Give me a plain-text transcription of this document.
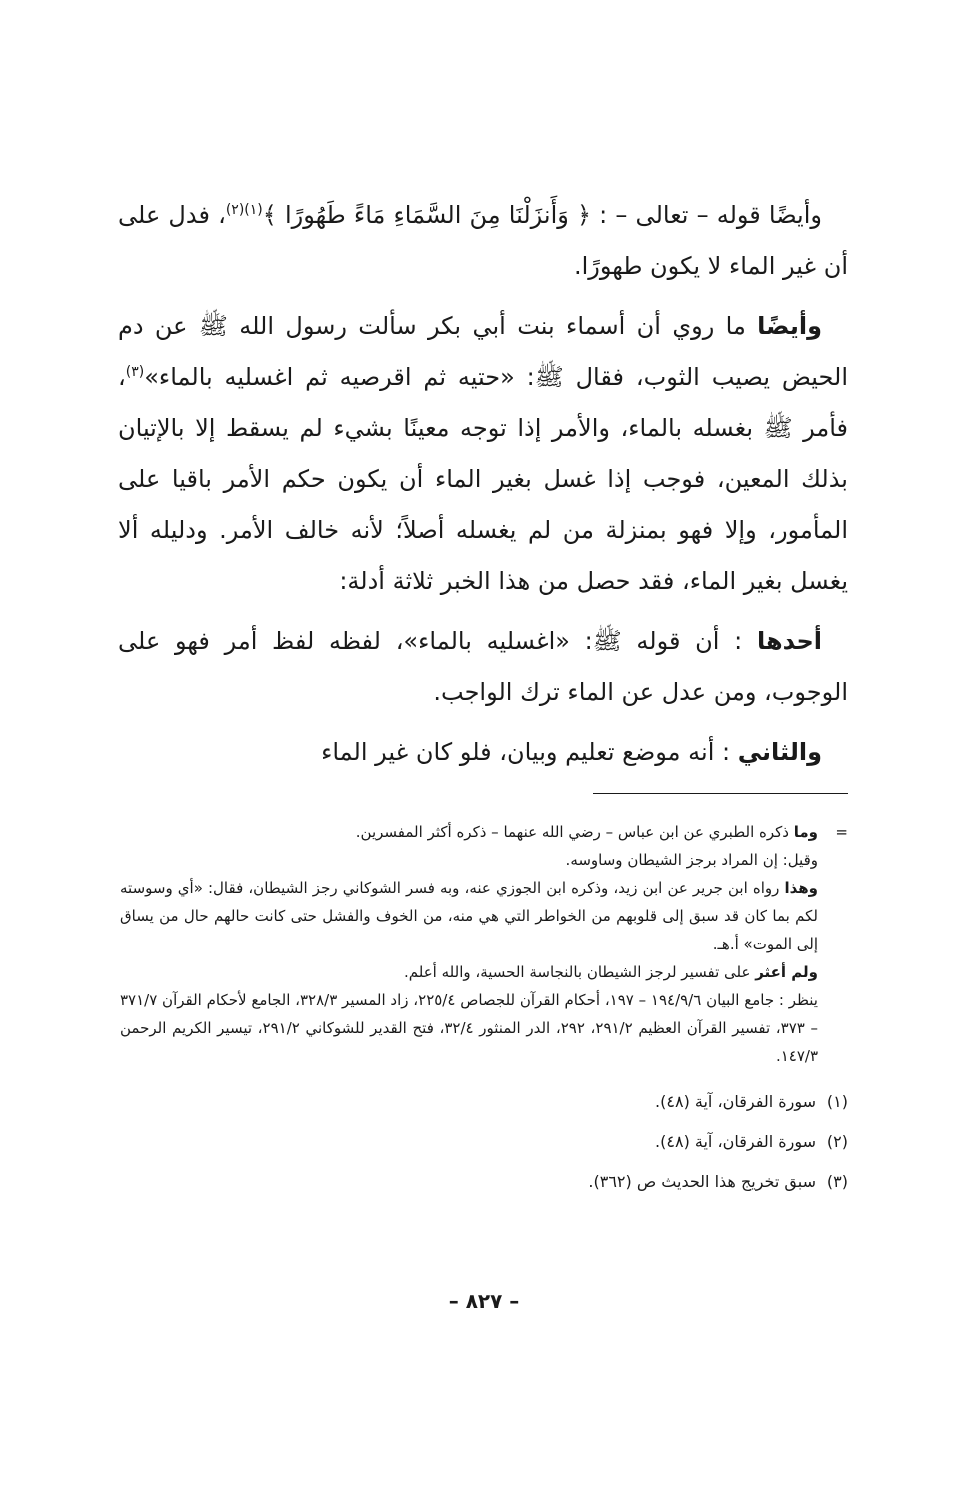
وأيضًا قوله – تعالى – : ﴿ وَأَنزَلْنَا مِنَ السَّمَاءِ مَاءً طَهُورًا ﴾$^{(١)(٢)}$، فدل على أن غير الماء لا يكون طهورًا.

وأيضًا ما روي أن أسماء بنت أبي بكر سألت رسول الله ﷺ عن دم الحيض يصيب الثوب، فقال ﷺ: «حتيه ثم اقرصيه ثم اغسليه بالماء»$^{(٣)}$، فأمر ﷺ بغسله بالماء، والأمر إذا توجه معينًا بشيء لم يسقط إلا بالإتيان بذلك المعين، فوجب إذا غسل بغير الماء أن يكون حكم الأمر باقيا على المأمور، وإلا فهو بمنزلة من لم يغسله أصلاً؛ لأنه خالف الأمر. ودليله ألا يغسل بغير الماء، فقد حصل من هذا الخبر ثلاثة أدلة:

أحدها : أن قوله ﷺ: «اغسليه بالماء»، لفظه لفظ أمر فهو على الوجوب، ومن عدل عن الماء ترك الواجب.

والثاني : أنه موضع تعليم وبيان، فلو كان غير الماء

=

وما ذكره الطبري عن ابن عباس – رضي الله عنهما – ذكره أكثر المفسرين.

وقيل: إن المراد برجز الشيطان وساوسه.

وهذا رواه ابن جرير عن ابن زيد، وذكره ابن الجوزي عنه، وبه فسر الشوكاني رجز الشيطان، فقال: «أي وسوسته لكم بما كان قد سبق إلى قلوبهم من الخواطر التي هي منه، من الخوف والفشل حتى كانت حالهم حال من يساق إلى الموت» أ.هـ.

ولم أعثر على تفسير لرجز الشيطان بالنجاسة الحسية، والله أعلم.

ينظر : جامع البيان ١٩٤/٩/٦ – ١٩٧، أحكام القرآن للجصاص ٢٢٥/٤، زاد المسير ٣٢٨/٣، الجامع لأحكام القرآن ٣٧١/٧ – ٣٧٣، تفسير القرآن العظيم ٢٩١/٢، ٢٩٢، الدر المنثور ٣٢/٤، فتح القدير للشوكاني ٢٩١/٢، تيسير الكريم الرحمن ١٤٧/٣.

(١)سورة الفرقان، آية (٤٨).

(٢)سورة الفرقان، آية (٤٨).

(٣)سبق تخريج هذا الحديث ص (٣٦٢).

– ٨٢٧ –
